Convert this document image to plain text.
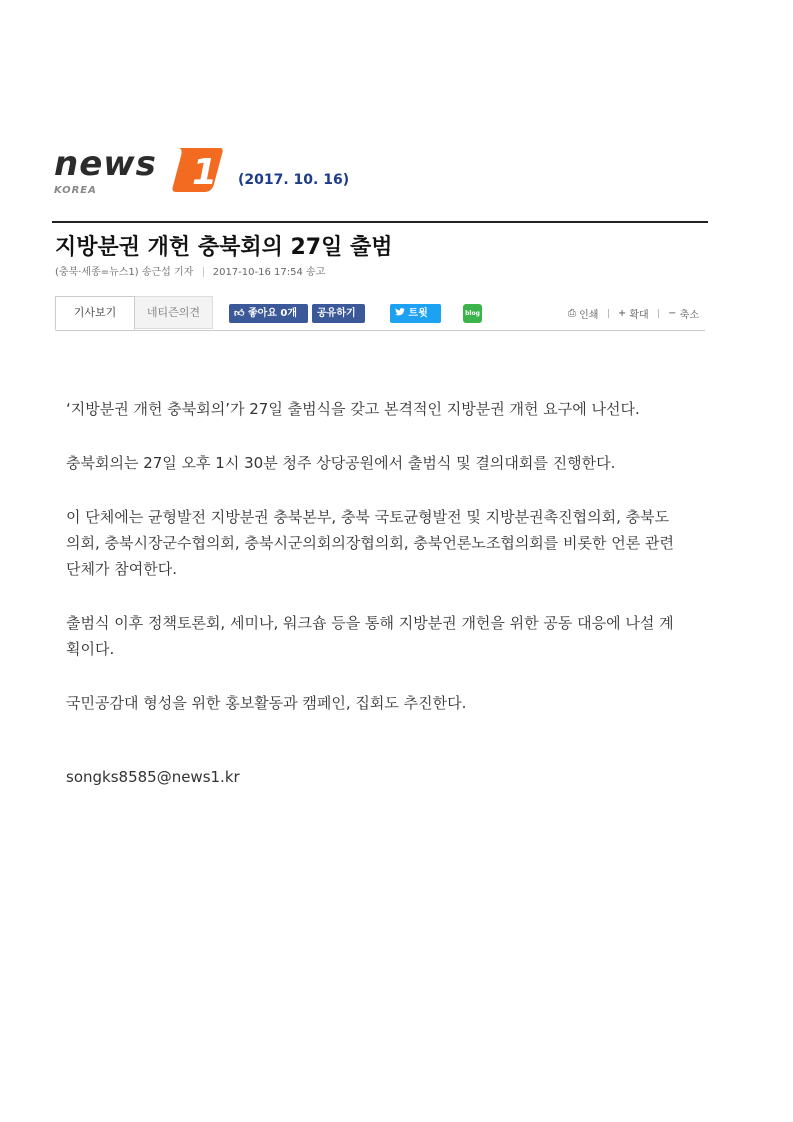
news 1
KOREA
(2017. 10. 16)
지방분권 개헌 충북회의 27일 출범
(충북·세종=뉴스1) 송근섭 기자 2017-10-16 17:54 송고
기사보기	네티즌의견	👍︎ 좋아요 0개	공유하기	트윗	blog	⎙ 인쇄 + 확대 − 축소

‘지방분권 개헌 충북회의’가 27일 출범식을 갖고 본격적인 지방분권 개헌 요구에 나선다.

충북회의는 27일 오후 1시 30분 청주 상당공원에서 출범식 및 결의대회를 진행한다.

이 단체에는 균형발전 지방분권 충북본부, 충북 국토균형발전 및 지방분권촉진협의회, 충북도의회, 충북시장군수협의회, 충북시군의회의장협의회, 충북언론노조협의회를 비롯한 언론 관련 단체가 참여한다.

출범식 이후 정책토론회, 세미나, 워크숍 등을 통해 지방분권 개헌을 위한 공동 대응에 나설 계획이다.

국민공감대 형성을 위한 홍보활동과 캠페인, 집회도 추진한다.

songks8585@news1.kr
